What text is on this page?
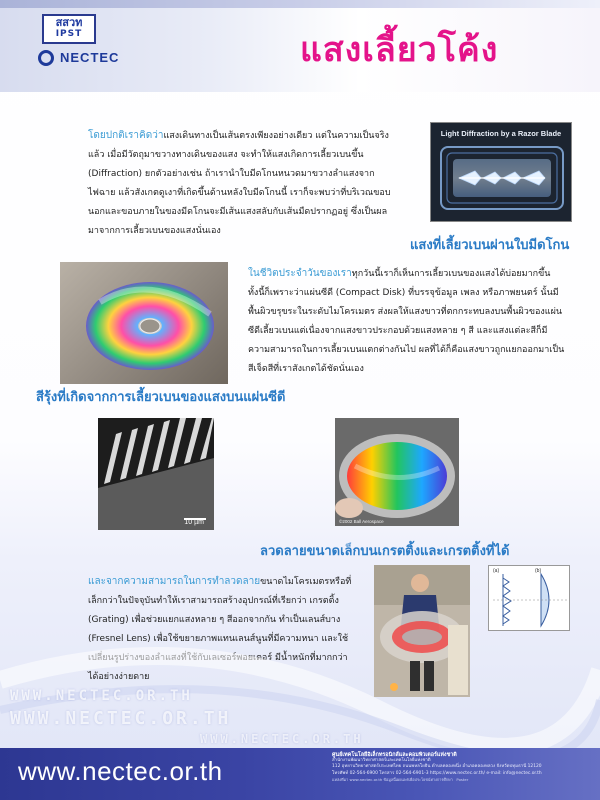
สสวท
IPST
NECTEC	แสงเลี้ยวโค้ง
โดยปกติเราคิดว่าแสงเดินทางเป็นเส้นตรงเพียงอย่างเดียว แต่ในความเป็นจริงแล้ว เมื่อมีวัตถุมาขวางทางเดินของแสง จะทำให้แสงเกิดการเลี้ยวเบนขึ้น (Diffraction) ยกตัวอย่างเช่น ถ้าเรานำใบมีดโกนหนวดมาขวางลำแสงจากไฟฉาย แล้วสังเกตดูเงาที่เกิดขึ้นด้านหลังใบมีดโกนนี้ เราก็จะพบว่าที่บริเวณขอบนอกและขอบภายในของมีดโกนจะมีเส้นแสงสลับกับเส้นมืดปรากฏอยู่ ซึ่งเป็นผลมาจากการเลี้ยวเบนของแสงนั่นเอง
Light Diffraction by a Razor Blade
แสงที่เลี้ยวเบนผ่านใบมีดโกน
ในชีวิตประจำวันของเราทุกวันนี้เราก็เห็นการเลี้ยวเบนของแสงได้บ่อยมากขึ้น ทั้งนี้ก็เพราะว่าแผ่นซีดี (Compact Disk) ที่บรรจุข้อมูล เพลง หรือภาพยนตร์ นั้นมีพื้นผิวขรุขระในระดับไมโครเมตร ส่งผลให้แสงขาวที่ตกกระทบลงบนพื้นผิวของแผ่นซีดีเลี้ยวเบนแต่เนื่องจากแสงขาวประกอบด้วยแสงหลาย ๆ สี และแสงแต่ละสีก็มีความสามารถในการเลี้ยวเบนแตกต่างกันไป ผลที่ได้ก็คือแสงขาวถูกแยกออกมาเป็นสีเจ็ดสีที่เราสังเกตได้ชัดนั่นเอง
สีรุ้งที่เกิดจากการเลี้ยวเบนของแสงบนแผ่นซีดี
10 µm	©2002 Ball Aerospace
ลวดลายขนาดเล็กบนเกรตติ้งและเกรตติ้งที่ได้
และจากความสามารถในการทำลวดลายขนาดไมโครเมตรหรือที่เล็กกว่าในปัจจุบันทำให้เราสามารถสร้างอุปกรณ์ที่เรียกว่า เกรตติ้ง (Grating) เพื่อช่วยแยกแสงหลาย ๆ สีออกจากกัน ทำเป็นเลนส์บาง (Fresnel Lens) เพื่อใช้ขยายภาพแทนเลนส์นูนที่มีความหนา และใช้เปลี่ยนรูปร่างของลำแสงที่ใช้กับเลเซอร์พอยเตอร์ มีน้ำหนักที่มากกว่าได้อย่างง่ายดาย
(a)	(b)
WWW.NECTEC.OR.TH
WWW.NECTEC.OR.TH
WWW.NECTEC.OR.TH
www.nectec.or.th
ศูนย์เทคโนโลยีอิเล็กทรอนิกส์และคอมพิวเตอร์แห่งชาติ
สำนักงานพัฒนาวิทยาศาสตร์และเทคโนโลยีแห่งชาติ
112 อุทยานวิทยาศาสตร์ประเทศไทย ถนนพหลโยธิน ตำบลคลองหนึ่ง อำเภอคลองหลวง จังหวัดปทุมธานี 12120
โทรศัพท์ 02-564-6900 โทรสาร 02-564-6901-3 https://www.nectec.or.th/ e-mail: info@nectec.or.th
แหล่งที่มา www.nectec.or.th ข้อมูลนี้เผยแพร่เพื่อประโยชน์ทางการศึกษา Poster
